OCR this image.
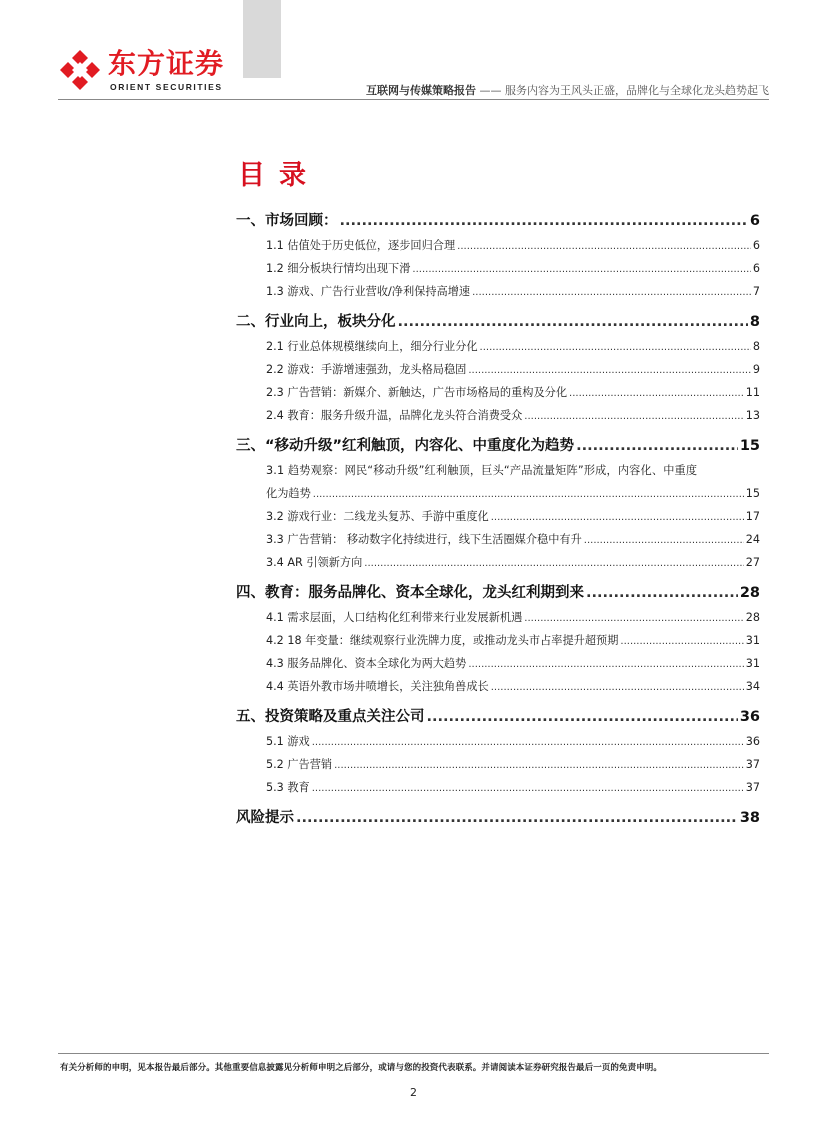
东方证券
ORIENT SECURITIES	互联网与传媒策略报告 —— 服务内容为王风头正盛，品牌化与全球化龙头趋势起飞
目录
一、市场回顾： .....	6
1.1 估值处于历史低位，逐步回归合理 .....	6
1.2 细分板块行情均出现下滑 .....	6
1.3 游戏、广告行业营收/净利保持高增速 .....	7
二、行业向上，板块分化 .....	8
2.1 行业总体规模继续向上，细分行业分化 .....	8
2.2 游戏：手游增速强劲，龙头格局稳固 .....	9
2.3 广告营销：新媒介、新触达，广告市场格局的重构及分化 .....	11
2.4 教育：服务升级升温，品牌化龙头符合消费受众 .....	13
三、“移动升级”红利触顶，内容化、中重度化为趋势 .....	15
3.1 趋势观察：网民“移动升级”红利触顶，巨头“产品流量矩阵”形成，内容化、中重度
化为趋势 .....	15
3.2 游戏行业：二线龙头复苏、手游中重度化 .....	17
3.3 广告营销： 移动数字化持续进行，线下生活圈媒介稳中有升 .....	24
3.4 AR 引领新方向 .....	27
四、教育：服务品牌化、资本全球化，龙头红利期到来 .....	28
4.1 需求层面，人口结构化红利带来行业发展新机遇 .....	28
4.2 18 年变量：继续观察行业洗牌力度，或推动龙头市占率提升超预期 .....	31
4.3 服务品牌化、资本全球化为两大趋势 .....	31
4.4 英语外教市场井喷增长，关注独角兽成长 .....	34
五、投资策略及重点关注公司 .....	36
5.1 游戏 .....	36
5.2 广告营销 .....	37
5.3 教育 .....	37
风险提示 .....	38
有关分析师的申明，见本报告最后部分。其他重要信息披露见分析师申明之后部分，或请与您的投资代表联系。并请阅读本证券研究报告最后一页的免责申明。
2
